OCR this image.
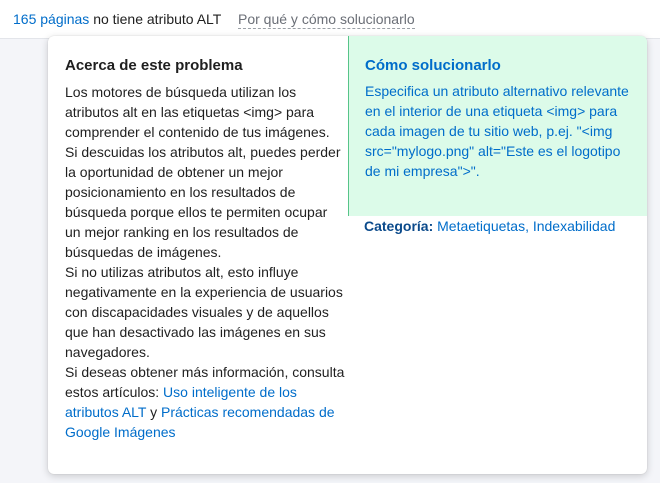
165 páginas no tiene atributo ALT Por qué y cómo solucionarlo
Acerca de este problema

Los motores de búsqueda utilizan los atributos alt en las etiquetas <img> para comprender el contenido de tus imágenes. Si descuidas los atributos alt, puedes perder la oportunidad de obtener un mejor posicionamiento en los resultados de búsqueda porque ellos te permiten ocupar un mejor ranking en los resultados de búsquedas de imágenes.

Si no utilizas atributos alt, esto influye negativamente en la experiencia de usuarios con discapacidades visuales y de aquellos que han desactivado las imágenes en sus navegadores.

Si deseas obtener más información, consulta estos artículos: Uso inteligente de los atributos ALT y Prácticas recomendadas de Google Imágenes

Cómo solucionarlo

Especifica un atributo alternativo relevante en el interior de una etiqueta <img> para cada imagen de tu sitio web, p.ej. "<img src="mylogo.png" alt="Este es el logotipo de mi empresa">".

Categoría: Metaetiquetas, Indexabilidad
